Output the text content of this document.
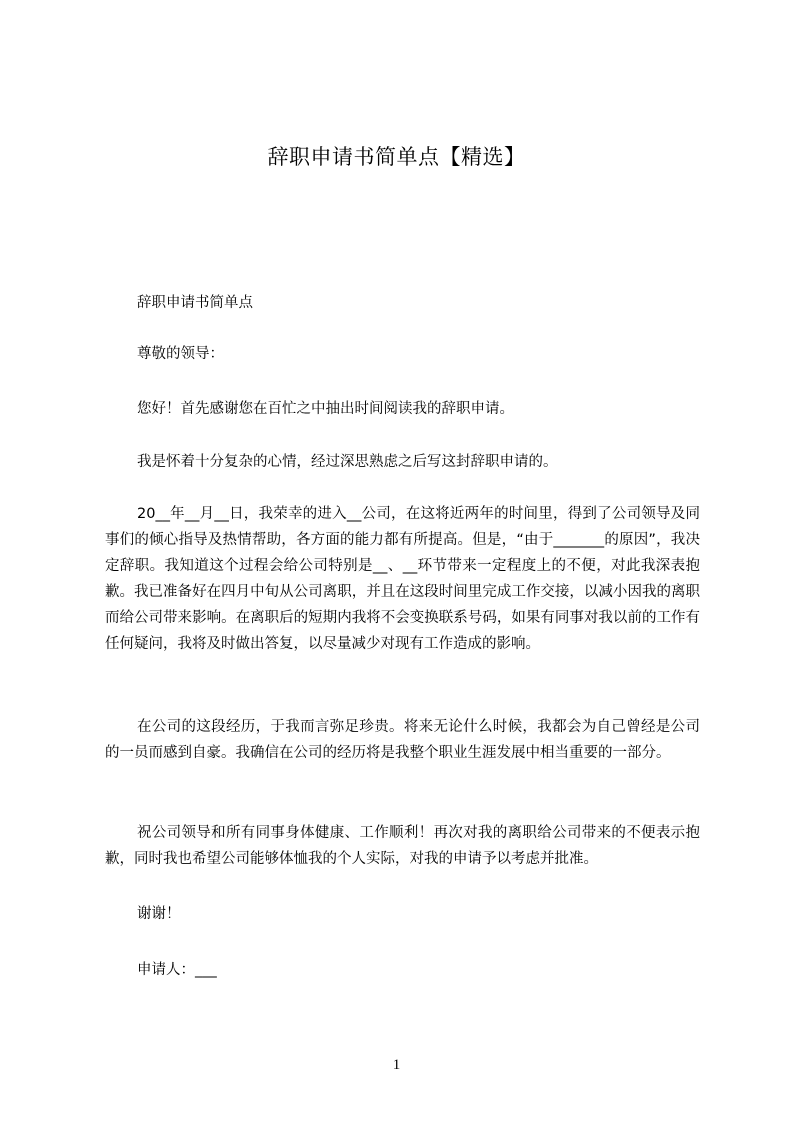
辞职申请书简单点【精选】

辞职申请书简单点

尊敬的领导：

您好！首先感谢您在百忙之中抽出时间阅读我的辞职申请。

我是怀着十分复杂的心情，经过深思熟虑之后写这封辞职申请的。

20__年__月__日，我荣幸的进入__公司，在这将近两年的时间里，得到了公司领导及同事们的倾心指导及热情帮助，各方面的能力都有所提高。但是，“由于_______的原因”，我决定辞职。我知道这个过程会给公司特别是__、__环节带来一定程度上的不便，对此我深表抱歉。我已准备好在四月中旬从公司离职，并且在这段时间里完成工作交接，以减小因我的离职而给公司带来影响。在离职后的短期内我将不会变换联系号码，如果有同事对我以前的工作有任何疑问，我将及时做出答复，以尽量减少对现有工作造成的影响。

在公司的这段经历，于我而言弥足珍贵。将来无论什么时候，我都会为自己曾经是公司的一员而感到自豪。我确信在公司的经历将是我整个职业生涯发展中相当重要的一部分。

祝公司领导和所有同事身体健康、工作顺利！再次对我的离职给公司带来的不便表示抱歉，同时我也希望公司能够体恤我的个人实际，对我的申请予以考虑并批准。

谢谢！

申请人：___

1
